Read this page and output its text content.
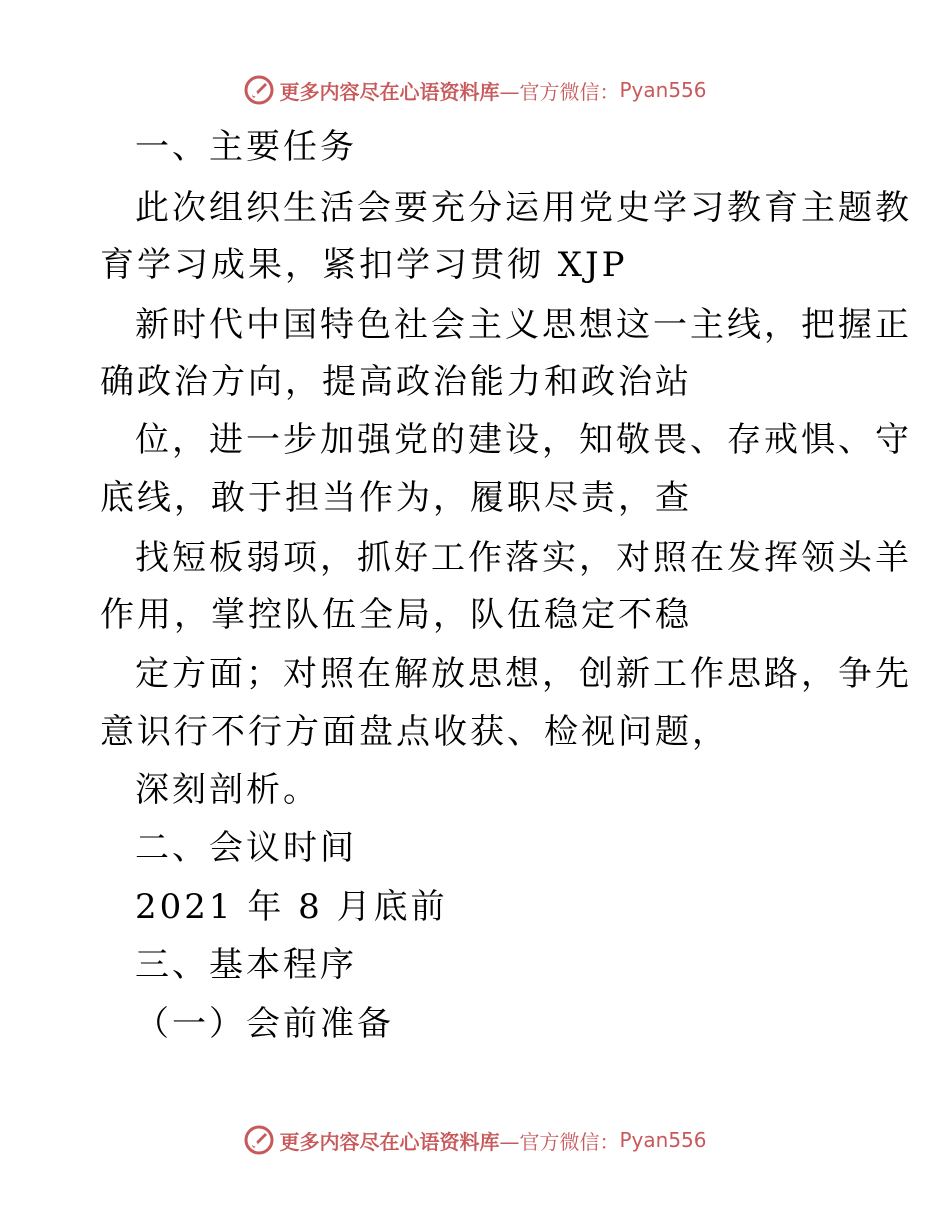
更多内容尽在心语资料库 —官方微信： Pyan556
一、主要任务
此次组织生活会要充分运用党史学习教育主题教
育学习成果，紧扣学习贯彻 XJP
新时代中国特色社会主义思想这一主线，把握正
确政治方向，提高政治能力和政治站
位，进一步加强党的建设，知敬畏、存戒惧、守
底线，敢于担当作为，履职尽责，查
找短板弱项，抓好工作落实，对照在发挥领头羊
作用，掌控队伍全局，队伍稳定不稳
定方面；对照在解放思想，创新工作思路，争先
意识行不行方面盘点收获、检视问题，
深刻剖析。
二、会议时间
2021 年 8 月底前
三、基本程序
（一）会前准备
更多内容尽在心语资料库 —官方微信： Pyan556
